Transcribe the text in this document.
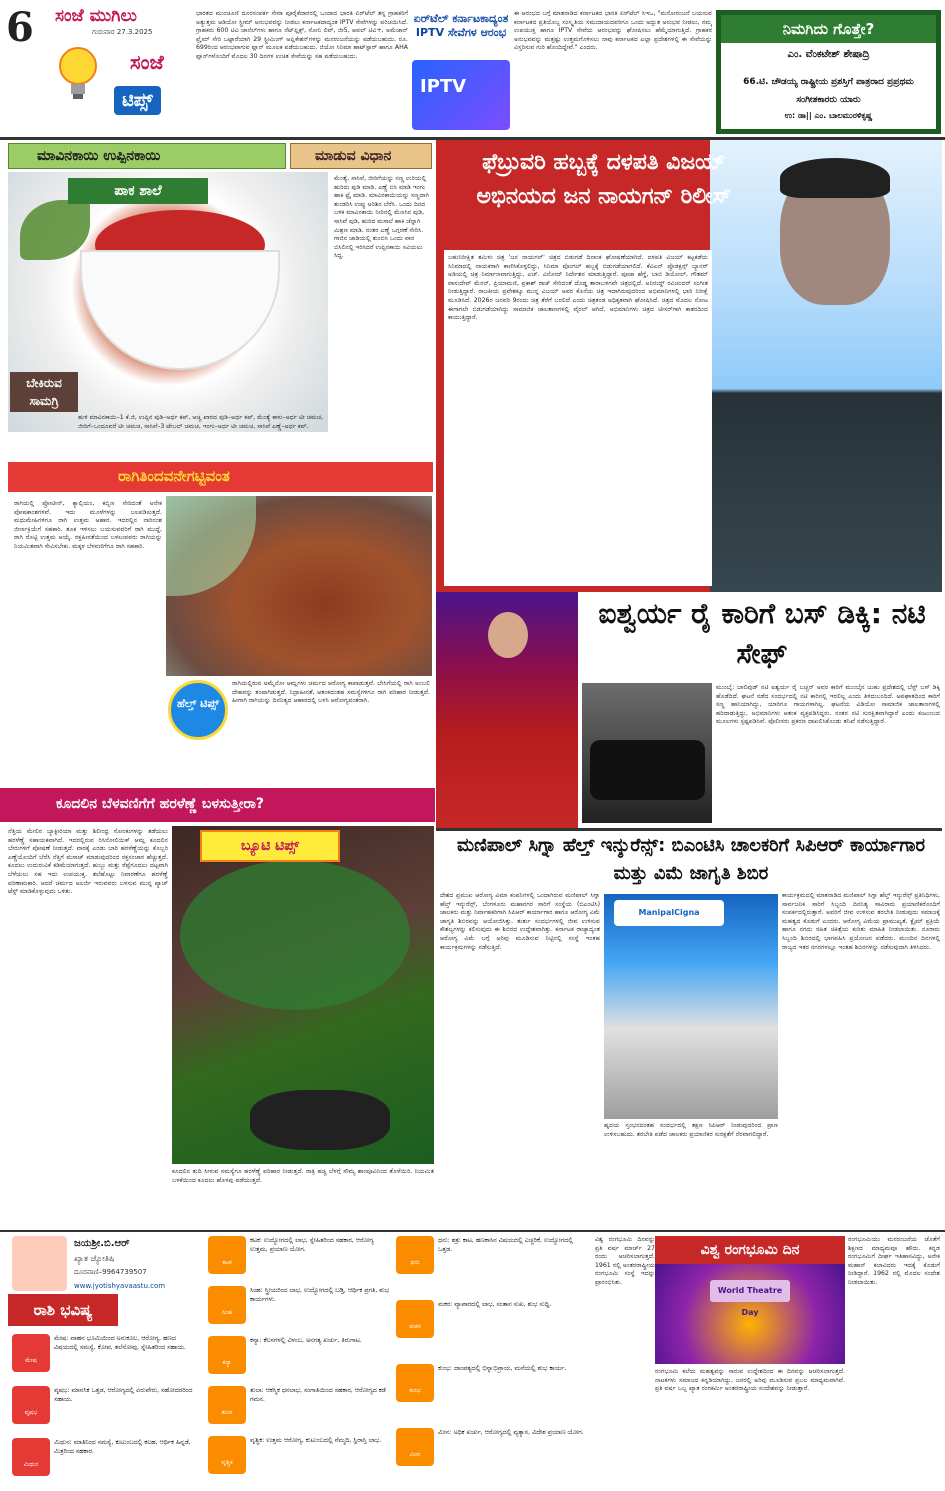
6 ಸಂಜೆ ಮುಗಿಲು
ಗುರುವಾರ 27.3.2025
ಸಂಜೆ
ಟಿಪ್ಸ್
ಭಾರತದ ಮುಂಚೂಣಿ ದೂರಸಂಪರ್ಕ ಸೇವಾ ಪೂರೈಕೆದಾರರಲ್ಲಿ ಒಂದಾದ ಭಾರತಿ ಏರ್‌ಟೆಲ್ ತನ್ನ ಗ್ರಾಹಕರಿಗೆ ಅತ್ಯುತ್ತಮ ಆಡಿಯೋ ಸ್ಟ್ರೀಮ್ ಅನುಭವವನ್ನು ನೀಡಲು ಕರ್ನಾಟಕದಾದ್ಯಂತ IPTV ಸೇವೆಗಳನ್ನು ಪರಿಚಯಿಸಿದೆ. ಗ್ರಾಹಕರು 600 ಟಿವಿ ಚಾನೆಲ್‌ಗಳು ಹಾಗೂ ನೆಟ್‌ಫ್ಲಿಕ್ಸ್, ಸೋನಿ ಲಿವ್, ಜೀ5, ಆಪಲ್ ಟಿವಿ+, ಅಮೆಜಾನ್ ಪ್ರೈಮ್ ಸೇರಿ ಒಟ್ಟಾರೆಯಾಗಿ 29 ಸ್ಟ್ರೀಮಿಂಗ್ ಅಪ್ಲಿಕೇಶನ್‌ಗಳನ್ನು ಮನರಂಜನೆಯನ್ನು ಪಡೆಯಬಹುದು. ರೂ. 699ರಿಂದ ಆರಂಭವಾಗುವ ಪ್ಲಾನ್ ಮೂಲಕ ಪಡೆಯಬಹುದು. ಜಿಯೋ ಸಿನಿಮಾ ಹಾಟ್‌ಸ್ಟಾರ್ ಹಾಗೂ AHA ಪ್ಲಾನ್‌ಗಳೊಂದಿಗೆ ಮೊದಲ 30 ದಿನಗಳ ಉಚಿತ ಸೇವೆಯನ್ನು ಸಹ ಪಡೆಯಬಹುದು.
ಏರ್‌ಟೆಲ್ ಕರ್ನಾಟಕಾದ್ಯಂತ IPTV ಸೇವೆಗಳ ಆರಂಭ
IPTV
ಈ ಆರಂಭದ ಬಗ್ಗೆ ಮಾತನಾಡಿದ ಕರ್ನಾಟಕದ ಭಾರತಿ ಏರ್‌ಟೆಲ್ ಸಿಇಒ, "ಮನೋರಂಜನೆ ಬಯಸುವ ಕರ್ನಾಟಕದ ಪ್ರತಿಯೊಬ್ಬ ಸಂಸ್ಕೃತಿಯ ಸಮುದಾಯದವರಿಗೂ ಒಂದು ಅದ್ಭುತ ಅನುಭವ ನೀಡಲು, ನಮ್ಮ ಉಪಯುಕ್ತ ಹಾಗೂ IPTV ಸೇವೆಯ ಆರಂಭವನ್ನು ಘೋಷಿಸಲು ಹೆಮ್ಮೆಯಾಗುತ್ತಿದೆ. ಗ್ರಾಹಕರ ಅನುಭವವನ್ನು ಮತ್ತಷ್ಟು ಉತ್ತಮಗೊಳಿಸಲು ನಾವು ಕರ್ನಾಟಕದ ಎಲ್ಲಾ ಪ್ರದೇಶಗಳಲ್ಲಿ ಈ ಸೇವೆಯನ್ನು ವಿಸ್ತರಿಸುವ ಗುರಿ ಹೊಂದಿದ್ದೇವೆ." ಎಂದರು.
ನಿಮಗಿದು ಗೊತ್ತೇ?
ಎಂ. ವೆಂಕಟೇಶ್ ಶೇಷಾದ್ರಿ
66.ಟಿ. ಚೌಡಯ್ಯ ರಾಷ್ಟ್ರೀಯ ಪ್ರಶಸ್ತಿಗೆ ಪಾತ್ರರಾದ ಪ್ರಪ್ರಥಮ ಸಂಗೀತಕಾರರು ಯಾರು
ಉ: ಡಾ|| ಎಂ. ಬಾಲಮುರಳಿಕೃಷ್ಣ
ಮಾವಿನಕಾಯಿ ಉಪ್ಪಿನಕಾಯಿ	ಮಾಡುವ ವಿಧಾನ
ಪಾಕ ಶಾಲೆ
ಬೇಕಿರುವ ಸಾಮಗ್ರಿ
ಮೆಂತ್ಯೆ, ಸಾಸಿವೆ, ಜೀರಿಗೆಯನ್ನು ಸಣ್ಣ ಉರಿಯಲ್ಲಿ ಹುರಿದು ಪುಡಿ ಮಾಡಿ. ಎಣ್ಣೆ ಬಿಸಿ ಮಾಡಿ ಇಂಗು ಹಾಕಿ ಫ್ರೈ ಮಾಡಿ. ಮಾವಿನಕಾಯಿಯನ್ನು ಸಣ್ಣದಾಗಿ ತುಂಡರಿಸಿ ಉಪ್ಪು ಅರಿಶಿನ ಬೆರೆಸಿ. ಒಂದು ದಿನದ ಬಳಿಕ ಮಾವಿನಕಾಯಿ ನೀರಿನಲ್ಲಿ ಮೆಣಸಿನ ಪುಡಿ, ಸಾಸಿವೆ ಪುಡಿ, ಹುರಿದ ಮಸಾಲೆ ಹಾಕಿ ಚೆನ್ನಾಗಿ ಮಿಶ್ರಣ ಮಾಡಿ. ನಂತರ ಎಣ್ಣೆ ಒಗ್ಗರಣೆ ಸೇರಿಸಿ. ಗಾಜಿನ ಜಾಡಿಯಲ್ಲಿ ತುಂಬಿಸಿ ಒಂದು ವಾರ ಬಿಸಿಲಿನಲ್ಲಿ ಇರಿಸಿದರೆ ಉಪ್ಪಿನಕಾಯಿ ಸವಿಯಲು ಸಿದ್ಧ.
ಹುಳಿ ಮಾವಿನಕಾಯಿ–1 ಕೆ.ಜಿ, ಉಪ್ಪಿನ ಪುಡಿ–ಅರ್ಧ ಕಪ್, ಅಚ್ಚ ಖಾರದ ಪುಡಿ–ಅರ್ಧ ಕಪ್, ಮೆಂತ್ಯೆ ಕಾಳು–ಅರ್ಧ ಟೀ ಚಮಚ, ಜೀರಿಗೆ–ಒಂದೂವರೆ ಟೀ ಚಮಚ, ಸಾಸಿವೆ–3 ಟೇಬಲ್ ಚಮಚ, ಇಂಗು–ಅರ್ಧ ಟೀ ಚಮಚ, ಸಾಸಿವೆ ಎಣ್ಣೆ–ಅರ್ಧ ಕಪ್.
ರಾಗಿತಿಂದವನೇಗಟ್ಟಿವಂತ
ರಾಗಿಯಲ್ಲಿ ಪ್ರೋಟೀನ್, ಕ್ಯಾಲ್ಸಿಯಂ, ಕಬ್ಬಿಣ ಸೇರಿದಂತೆ ಅನೇಕ ಪೋಷಕಾಂಶಗಳಿವೆ. ಇದು ಮೂಳೆಗಳನ್ನು ಬಲಪಡಿಸುತ್ತದೆ. ಮಧುಮೇಹಿಗಳಿಗೂ ರಾಗಿ ಉತ್ತಮ ಆಹಾರ. ಇದರಲ್ಲಿನ ನಾರಿನಂಶ ಜೀರ್ಣಕ್ರಿಯೆಗೆ ಸಹಕಾರಿ. ತೂಕ ಇಳಿಸಲು ಬಯಸುವವರಿಗೆ ರಾಗಿ ಮುದ್ದೆ, ರಾಗಿ ರೊಟ್ಟಿ ಉತ್ತಮ ಆಯ್ಕೆ. ರಕ್ತಹೀನತೆಯಿಂದ ಬಳಲುವವರು ರಾಗಿಯನ್ನು ನಿಯಮಿತವಾಗಿ ಸೇವಿಸಬೇಕು. ಮಕ್ಕಳ ಬೆಳವಣಿಗೆಗೂ ರಾಗಿ ಸಹಕಾರಿ.
ಹೆಲ್ತ್ ಟಿಪ್ಸ್
ರಾಗಿಯಲ್ಲಿರುವ ಅಮೈನೋ ಆಮ್ಲಗಳು ಚರ್ಮದ ಆರೋಗ್ಯ ಕಾಪಾಡುತ್ತವೆ. ಬೇಸಿಗೆಯಲ್ಲಿ ರಾಗಿ ಅಂಬಲಿ ದೇಹವನ್ನು ತಂಪಾಗಿಡುತ್ತದೆ. ನಿದ್ರಾಹೀನತೆ, ಆತಂಕದಂತಹ ಸಮಸ್ಯೆಗಳಿಗೂ ರಾಗಿ ಪರಿಹಾರ ನೀಡುತ್ತದೆ. ಹೀಗಾಗಿ ರಾಗಿಯನ್ನು ದಿನನಿತ್ಯದ ಆಹಾರದಲ್ಲಿ ಬಳಸಿ ಆರೋಗ್ಯವಂತರಾಗಿ.
ಕೂದಲಿನ ಬೆಳವಣಿಗೆಗೆ ಹರಳೆಣ್ಣೆ ಬಳಸುತ್ತೀರಾ?
ನೆತ್ತಿಯ ಮೇಲಿನ ಬ್ಯಾಕ್ಟೀರಿಯಾ ಮತ್ತು ಶಿಲೀಂಧ್ರ ಸೋಂಕುಗಳನ್ನು ತಡೆಯಲು ಹರಳೆಣ್ಣೆ ಸಹಾಯಕವಾಗಿದೆ. ಇದರಲ್ಲಿರುವ ರಿಸಿನೋಲಿಯಿಕ್ ಆಮ್ಲ ಕೂದಲಿನ ಬೇರುಗಳಿಗೆ ಪೋಷಣೆ ನೀಡುತ್ತದೆ. ವಾರಕ್ಕೆ ಎರಡು ಬಾರಿ ಹರಳೆಣ್ಣೆಯನ್ನು ಕೊಬ್ಬರಿ ಎಣ್ಣೆಯೊಂದಿಗೆ ಬೆರೆಸಿ ನೆತ್ತಿಗೆ ಮಸಾಜ್ ಮಾಡುವುದರಿಂದ ರಕ್ತಸಂಚಾರ ಹೆಚ್ಚುತ್ತದೆ. ಕೂದಲು ಉದುರುವಿಕೆ ಕಡಿಮೆಯಾಗುತ್ತದೆ. ಹುಬ್ಬು ಮತ್ತು ರೆಪ್ಪೆಗೂದಲು ದಟ್ಟವಾಗಿ ಬೆಳೆಯಲು ಸಹ ಇದು ಉಪಯುಕ್ತ. ತಲೆಹೊಟ್ಟು ನಿವಾರಣೆಗೂ ಹರಳೆಣ್ಣೆ ಪರಿಣಾಮಕಾರಿ. ಆದರೆ ಚರ್ಮದ ಅಲರ್ಜಿ ಇರುವವರು ಬಳಸುವ ಮುನ್ನ ಪ್ಯಾಚ್ ಟೆಸ್ಟ್ ಮಾಡಿಕೊಳ್ಳುವುದು ಒಳಿತು.
ಬ್ಯೂಟಿ ಟಿಪ್ಸ್
ಕೂದಲಿನ ತುದಿ ಸೀಳುವ ಸಮಸ್ಯೆಗೂ ಹರಳೆಣ್ಣೆ ಪರಿಹಾರ ನೀಡುತ್ತದೆ. ರಾತ್ರಿ ಹಚ್ಚಿ ಬೆಳಗ್ಗೆ ಸೌಮ್ಯ ಶಾಂಪೂವಿನಿಂದ ತೊಳೆಯಿರಿ. ನಿಯಮಿತ ಬಳಕೆಯಿಂದ ಕೂದಲು ಹೊಳಪು ಪಡೆಯುತ್ತದೆ.
ಫೆಬ್ರುವರಿ ಹಬ್ಬಕ್ಕೆ ದಳಪತಿ ವಿಜಯ್ ಅಭಿನಯದ ಜನ ನಾಯಗನ್ ರಿಲೀಸ್
ಬಹುನಿರೀಕ್ಷಿತ ತಮಿಳು ಚಿತ್ರ 'ಜನ ನಾಯಗನ್' ಚಿತ್ರದ ಬಿಡುಗಡೆ ದಿನಾಂಕ ಘೋಷಣೆಯಾಗಿದೆ. ದಳಪತಿ ವಿಜಯ್ ಕಟ್ಟಕಡೆಯ ಸಿನಿಮಾದಲ್ಲಿ ನಾಯಕರಾಗಿ ಕಾಣಿಸಿಕೊಳ್ಳಲಿದ್ದು, ಸಿನಿಮಾ ಪೊಂಗಲ್ ಹಬ್ಬಕ್ಕೆ ಬಿಡುಗಡೆಯಾಗಲಿದೆ. ಕೆವಿಎನ್ ಪ್ರೊಡಕ್ಷನ್ಸ್ ಬ್ಯಾನರ್ ಅಡಿಯಲ್ಲಿ ಚಿತ್ರ ನಿರ್ಮಾಣವಾಗುತ್ತಿದ್ದು, ಎಚ್. ವಿನೋದ್ ನಿರ್ದೇಶನ ಮಾಡುತ್ತಿದ್ದಾರೆ. ಪೂಜಾ ಹೆಗ್ಡೆ, ಬಾಬಿ ಡಿಯೋಲ್, ಗೌತಮ್ ವಾಸುದೇವ್ ಮೆನನ್, ಪ್ರಿಯಾಮಣಿ, ಪ್ರಕಾಶ್ ರಾಜ್ ಸೇರಿದಂತೆ ದೊಡ್ಡ ತಾರಾಬಳಗವೇ ಚಿತ್ರದಲ್ಲಿದೆ. ಅನಿರುದ್ಧ್ ರವಿಚಂದರ್ ಸಂಗೀತ ನೀಡುತ್ತಿದ್ದಾರೆ. ರಾಜಕೀಯ ಪ್ರವೇಶಕ್ಕೂ ಮುನ್ನ ವಿಜಯ್ ಅವರ ಕೊನೆಯ ಚಿತ್ರ ಇದಾಗಿರುವುದರಿಂದ ಅಭಿಮಾನಿಗಳಲ್ಲಿ ಭಾರಿ ನಿರೀಕ್ಷೆ ಮೂಡಿಸಿದೆ. 2026ರ ಜನವರಿ 9ರಂದು ಚಿತ್ರ ತೆರೆಗೆ ಬರಲಿದೆ ಎಂದು ಚಿತ್ರತಂಡ ಅಧಿಕೃತವಾಗಿ ಘೋಷಿಸಿದೆ. ಚಿತ್ರದ ಮೊದಲ ನೋಟ ಈಗಾಗಲೇ ಬಿಡುಗಡೆಯಾಗಿದ್ದು ಸಾಮಾಜಿಕ ಜಾಲತಾಣಗಳಲ್ಲಿ ವೈರಲ್ ಆಗಿದೆ. ಅಭಿಮಾನಿಗಳು ಚಿತ್ರದ ಟೀಸರ್‌ಗಾಗಿ ಕಾತರದಿಂದ ಕಾಯುತ್ತಿದ್ದಾರೆ.
ಐಶ್ವರ್ಯ ರೈ ಕಾರಿಗೆ ಬಸ್ ಡಿಕ್ಕಿ: ನಟಿ ಸೇಫ್
ಮುಂಬೈ: ಬಾಲಿವುಡ್ ನಟಿ ಐಶ್ವರ್ಯ ರೈ ಬಚ್ಚನ್ ಅವರ ಕಾರಿಗೆ ಮುಂಬೈನ ಜುಹು ಪ್ರದೇಶದಲ್ಲಿ ಬೆಸ್ಟ್ ಬಸ್ ಡಿಕ್ಕಿ ಹೊಡೆದಿದೆ. ಘಟನೆ ನಡೆದ ಸಂದರ್ಭದಲ್ಲಿ ನಟಿ ಕಾರಿನಲ್ಲಿ ಇರಲಿಲ್ಲ ಎಂದು ತಿಳಿದುಬಂದಿದೆ. ಅಪಘಾತದಿಂದ ಕಾರಿಗೆ ಸಣ್ಣ ಹಾನಿಯಾಗಿದ್ದು, ಯಾರಿಗೂ ಗಾಯಗಳಾಗಿಲ್ಲ. ಘಟನೆಯ ವಿಡಿಯೋ ಸಾಮಾಜಿಕ ಜಾಲತಾಣಗಳಲ್ಲಿ ಹರಿದಾಡುತ್ತಿದ್ದು, ಅಭಿಮಾನಿಗಳು ಆತಂಕ ವ್ಯಕ್ತಪಡಿಸಿದ್ದರು. ನಂತರ ನಟಿ ಸುರಕ್ಷಿತವಾಗಿದ್ದಾರೆ ಎಂದು ಕುಟುಂಬದ ಮೂಲಗಳು ಸ್ಪಷ್ಟಪಡಿಸಿವೆ. ಪೊಲೀಸರು ಪ್ರಕರಣ ದಾಖಲಿಸಿಕೊಂಡು ತನಿಖೆ ನಡೆಸುತ್ತಿದ್ದಾರೆ.
ಮಣಿಪಾಲ್ ಸಿಗ್ನಾ ಹೆಲ್ತ್ ಇನ್ಶುರೆನ್ಸ್: ಬಿಎಂಟಿಸಿ ಚಾಲಕರಿಗೆ ಸಿಪಿಆರ್ ಕಾರ್ಯಾಗಾರ ಮತ್ತು ವಿಮೆ ಜಾಗೃತಿ ಶಿಬಿರ
ದೇಶದ ಪ್ರಮುಖ ಆರೋಗ್ಯ ವಿಮಾ ಕಂಪನಿಗಳಲ್ಲಿ ಒಂದಾಗಿರುವ ಮಣಿಪಾಲ್ ಸಿಗ್ನಾ ಹೆಲ್ತ್ ಇನ್ಶುರೆನ್ಸ್, ಬೆಂಗಳೂರು ಮಹಾನಗರ ಸಾರಿಗೆ ಸಂಸ್ಥೆಯ (ಬಿಎಂಟಿಸಿ) ಚಾಲಕರು ಮತ್ತು ನಿರ್ವಾಹಕರಿಗಾಗಿ ಸಿಪಿಆರ್ ಕಾರ್ಯಾಗಾರ ಹಾಗೂ ಆರೋಗ್ಯ ವಿಮೆ ಜಾಗೃತಿ ಶಿಬಿರವನ್ನು ಆಯೋಜಿಸಿತ್ತು. ತುರ್ತು ಸಂದರ್ಭಗಳಲ್ಲಿ ಜೀವ ಉಳಿಸುವ ಕೌಶಲ್ಯಗಳನ್ನು ಕಲಿಸುವುದು ಈ ಶಿಬಿರದ ಉದ್ದೇಶವಾಗಿತ್ತು. ಕರ್ನಾಟಕ ರಾಜ್ಯಾದ್ಯಂತ ಆರೋಗ್ಯ ವಿಮೆ ಬಗ್ಗೆ ಅರಿವು ಮೂಡಿಸುವ ನಿಟ್ಟಿನಲ್ಲಿ ಸಂಸ್ಥೆ ಇಂತಹ ಕಾರ್ಯಕ್ರಮಗಳನ್ನು ನಡೆಸುತ್ತಿದೆ.
ManipalCigna
ಹೃದಯ ಸ್ತಂಭನದಂತಹ ಸಂದರ್ಭದಲ್ಲಿ ತಕ್ಷಣ ಸಿಪಿಆರ್ ನೀಡುವುದರಿಂದ ಪ್ರಾಣ ಉಳಿಸಬಹುದು. ತರಬೇತಿ ಪಡೆದ ಚಾಲಕರು ಪ್ರಯಾಣಿಕರ ಸುರಕ್ಷತೆಗೆ ನೆರವಾಗಲಿದ್ದಾರೆ.
ಕಾರ್ಯಕ್ರಮದಲ್ಲಿ ಮಾತನಾಡಿದ ಮಣಿಪಾಲ್ ಸಿಗ್ನಾ ಹೆಲ್ತ್ ಇನ್ಶುರೆನ್ಸ್ ಪ್ರತಿನಿಧಿಗಳು, ಸಾರ್ವಜನಿಕ ಸಾರಿಗೆ ಸಿಬ್ಬಂದಿ ದಿನನಿತ್ಯ ಸಾವಿರಾರು ಪ್ರಯಾಣಿಕರೊಂದಿಗೆ ಸಂಪರ್ಕದಲ್ಲಿರುತ್ತಾರೆ. ಅವರಿಗೆ ಜೀವ ಉಳಿಸುವ ತರಬೇತಿ ನೀಡುವುದು ಸಮಾಜಕ್ಕೆ ಮಹತ್ವದ ಕೊಡುಗೆ ಎಂದರು. ಆರೋಗ್ಯ ವಿಮೆಯ ಪ್ರಾಮುಖ್ಯತೆ, ಕ್ಲೈಮ್ ಪ್ರಕ್ರಿಯೆ ಹಾಗೂ ನಗದು ರಹಿತ ಚಿಕಿತ್ಸೆಯ ಕುರಿತು ಮಾಹಿತಿ ನೀಡಲಾಯಿತು. ನೂರಾರು ಸಿಬ್ಬಂದಿ ಶಿಬಿರದಲ್ಲಿ ಭಾಗವಹಿಸಿ ಪ್ರಯೋಜನ ಪಡೆದರು. ಮುಂದಿನ ದಿನಗಳಲ್ಲಿ ರಾಜ್ಯದ ಇತರ ನಗರಗಳಲ್ಲೂ ಇಂತಹ ಶಿಬಿರಗಳನ್ನು ನಡೆಸುವುದಾಗಿ ತಿಳಿಸಿದರು.
ಜಯಶ್ರೀ.ಬಿ.ಆರ್
ಖ್ಯಾತ ಜ್ಯೋತಿಷಿ
ದೂರವಾಣಿ–9964739507
www.jyotishyavaastu.com
ರಾಶಿ ಭವಿಷ್ಯ
ಮೇಷ
ಮೇಷ: ವಾಹನ ಭೂಮಿಯಿಂದ ಅನುಕೂಲ, ಆರೋಗ್ಯ, ಹಣದ ವಿಷಯದಲ್ಲಿ ಸಮಸ್ಯೆ, ಕೋಪ, ತಲೆನೋವು, ಸ್ನೇಹಿತರಿಂದ ಸಹಾಯ.
ವೃಷಭ
ವೃಷಭ: ಮಾನಸಿಕ ಒತ್ತಡ, ಆರೋಗ್ಯದಲ್ಲಿ ಏರುಪೇರು, ಸಹೋದರರಿಂದ ಸಹಾಯ.
ಮಿಥುನ
ಮಿಥುನ: ಮಾತಿನಿಂದ ಸಮಸ್ಯೆ, ಕುಟುಂಬದಲ್ಲಿ ಕಲಹ, ಆರ್ಥಿಕ ಹಿನ್ನಡೆ, ಮಿತ್ರರಿಂದ ಸಹಕಾರ.
ಕಟಕ
ಕಟಕ: ಉದ್ಯೋಗದಲ್ಲಿ ಲಾಭ, ಸ್ನೇಹಿತರಿಂದ ಸಹಕಾರ, ಆರೋಗ್ಯ ಉತ್ತಮ, ಪ್ರಯಾಣ ಯೋಗ.
ಸಿಂಹ
ಸಿಂಹ: ಸ್ತ್ರೀಯರಿಂದ ಲಾಭ, ಉದ್ಯೋಗದಲ್ಲಿ ಬಡ್ತಿ, ಆರ್ಥಿಕ ಪ್ರಗತಿ, ಶುಭ ಕಾರ್ಯಗಳು.
ಕನ್ಯಾ
ಕನ್ಯಾ: ಕೆಲಸಗಳಲ್ಲಿ ವಿಳಂಬ, ಅನಗತ್ಯ ಖರ್ಚು, ತಿರುಗಾಟ.
ತುಲಾ
ತುಲಾ: ಆಕಸ್ಮಿಕ ಧನಲಾಭ, ಸಂಗಾತಿಯಿಂದ ಸಹಕಾರ, ಆರೋಗ್ಯದ ಕಡೆ ಗಮನ.
ವೃಶ್ಚಿಕ
ವೃಶ್ಚಿಕ: ಉತ್ತಮ ಆರೋಗ್ಯ, ಕುಟುಂಬದಲ್ಲಿ ನೆಮ್ಮದಿ, ಸ್ಥಿರಾಸ್ತಿ ಲಾಭ.
ಧನು
ಧನು: ಶತ್ರು ಕಾಟ, ಹಣಕಾಸಿನ ವಿಷಯದಲ್ಲಿ ಎಚ್ಚರಿಕೆ, ಉದ್ಯೋಗದಲ್ಲಿ ಒತ್ತಡ.
ಮಕರ
ಮಕರ: ವ್ಯಾಪಾರದಲ್ಲಿ ಲಾಭ, ಸಂತಾನ ಸುಖ, ಶುಭ ಸುದ್ದಿ.
ಕುಂಭ
ಕುಂಭ: ದಾಂಪತ್ಯದಲ್ಲಿ ಭಿನ್ನಾಭಿಪ್ರಾಯ, ಮನೆಯಲ್ಲಿ ಶುಭ ಕಾರ್ಯ.
ಮೀನ
ಮೀನ: ಅಧಿಕ ಖರ್ಚು, ಆರೋಗ್ಯದಲ್ಲಿ ವ್ಯತ್ಯಾಸ, ವಿದೇಶ ಪ್ರಯಾಣ ಯೋಗ.
ವಿಶ್ವ ರಂಗಭೂಮಿ ದಿನವನ್ನು ಪ್ರತಿ ವರ್ಷ ಮಾರ್ಚ್ 27 ರಂದು ಆಚರಿಸಲಾಗುತ್ತದೆ. 1961 ರಲ್ಲಿ ಅಂತರರಾಷ್ಟ್ರೀಯ ರಂಗಭೂಮಿ ಸಂಸ್ಥೆ ಇದನ್ನು ಪ್ರಾರಂಭಿಸಿತು.
ವಿಶ್ವ ರಂಗಭೂಮಿ ದಿನ
World Theatre Day
ರಂಗಭೂಮಿ ಕಲೆಯ ಮಹತ್ವವನ್ನು ಸಾರುವ ಉದ್ದೇಶದಿಂದ ಈ ದಿನವನ್ನು ಆಚರಿಸಲಾಗುತ್ತದೆ. ನಾಟಕಗಳು ಸಮಾಜದ ಕನ್ನಡಿಯಾಗಿದ್ದು, ಜನರಲ್ಲಿ ಅರಿವು ಮೂಡಿಸುವ ಪ್ರಬಲ ಮಾಧ್ಯಮವಾಗಿವೆ. ಪ್ರತಿ ವರ್ಷ ಒಬ್ಬ ಖ್ಯಾತ ರಂಗಕರ್ಮಿ ಅಂತರರಾಷ್ಟ್ರೀಯ ಸಂದೇಶವನ್ನು ನೀಡುತ್ತಾರೆ.
ರಂಗಭೂಮಿಯು ಮನರಂಜನೆಯ ಜೊತೆಗೆ ಶಿಕ್ಷಣದ ಮಾಧ್ಯಮವೂ ಹೌದು. ಕನ್ನಡ ರಂಗಭೂಮಿಗೆ ದೀರ್ಘ ಇತಿಹಾಸವಿದ್ದು, ಅನೇಕ ಮಹಾನ್ ಕಲಾವಿದರು ಇದಕ್ಕೆ ಕೊಡುಗೆ ನೀಡಿದ್ದಾರೆ. 1962 ರಲ್ಲಿ ಮೊದಲ ಸಂದೇಶ ನೀಡಲಾಯಿತು.
